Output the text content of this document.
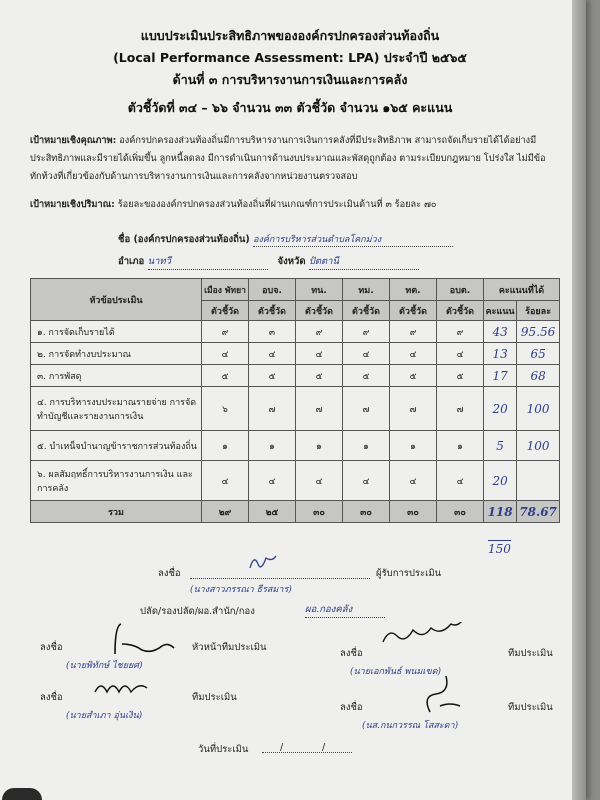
แบบประเมินประสิทธิภาพขององค์กรปกครองส่วนท้องถิ่น
(Local Performance Assessment: LPA) ประจำปี ๒๕๖๕
ด้านที่ ๓ การบริหารงานการเงินและการคลัง
ตัวชี้วัดที่ ๓๔ – ๖๖ จำนวน ๓๓ ตัวชี้วัด จำนวน ๑๖๕ คะแนน
เป้าหมายเชิงคุณภาพ: องค์กรปกครองส่วนท้องถิ่นมีการบริหารงานการเงินการคลังที่มีประสิทธิภาพ สามารถจัดเก็บรายได้ได้อย่างมีประสิทธิภาพและมีรายได้เพิ่มขึ้น ลูกหนี้ลดลง มีการดำเนินการด้านงบประมาณและพัสดุถูกต้อง ตามระเบียบกฎหมาย โปร่งใส ไม่มีข้อทักท้วงที่เกี่ยวข้องกับด้านการบริหารงานการเงินและการคลังจากหน่วยงานตรวจสอบ
เป้าหมายเชิงปริมาณ: ร้อยละขององค์กรปกครองส่วนท้องถิ่นที่ผ่านเกณฑ์การประเมินด้านที่ ๓ ร้อยละ ๗๐
ชื่อ (องค์กรปกครองส่วนท้องถิ่น) องค์การบริหารส่วนตำบลโคกม่วง
อำเภอ นาทวี	จังหวัด ปัตตานี
หัวข้อประเมิน	เมือง พัทยา	อบจ.	ทน.	ทม.	ทต.	อบต.	คะแนนที่ได้	
	ตัวชี้วัด	ตัวชี้วัด	ตัวชี้วัด	ตัวชี้วัด	ตัวชี้วัด	ตัวชี้วัด	คะแนน	ร้อยละ
๑. การจัดเก็บรายได้	๙	๓	๙	๙	๙	๙	43	95.56
๒. การจัดทำงบประมาณ	๔	๔	๔	๔	๔	๔	13	65
๓. การพัสดุ	๕	๕	๕	๕	๕	๕	17	68
๔. การบริหารงบประมาณรายจ่าย การจัดทำบัญชีและรายงานการเงิน	๖	๗	๗	๗	๗	๗	20	100
๕. บำเหน็จบำนาญข้าราชการส่วนท้องถิ่น	๑	๑	๑	๑	๑	๑	5	100
๖. ผลสัมฤทธิ์การบริหารงานการเงิน และการคลัง	๔	๔	๔	๔	๔	๔	20	
รวม	๒๙	๒๕	๓๐	๓๐	๓๐	๓๐	118	78.67
150
ลงชื่อ	ผู้รับการประเมิน
(นางสาวภรรณา ธีรสมาร)
ปลัด/รองปลัด/ผอ.สำนัก/กอง	ผอ.กองคลัง
ลงชื่อ	หัวหน้าทีมประเมิน
(นายพิทักษ์ ไชยยศ)
ลงชื่อ	ทีมประเมิน
(นายเอกพันธ์ พนมเขต)
ลงชื่อ	ทีมประเมิน
(นายสำเภา อุ่นเงิน)
ลงชื่อ	ทีมประเมิน
(นส.กนกวรรณ โสสะดา)
วันที่ประเมิน	/	/
